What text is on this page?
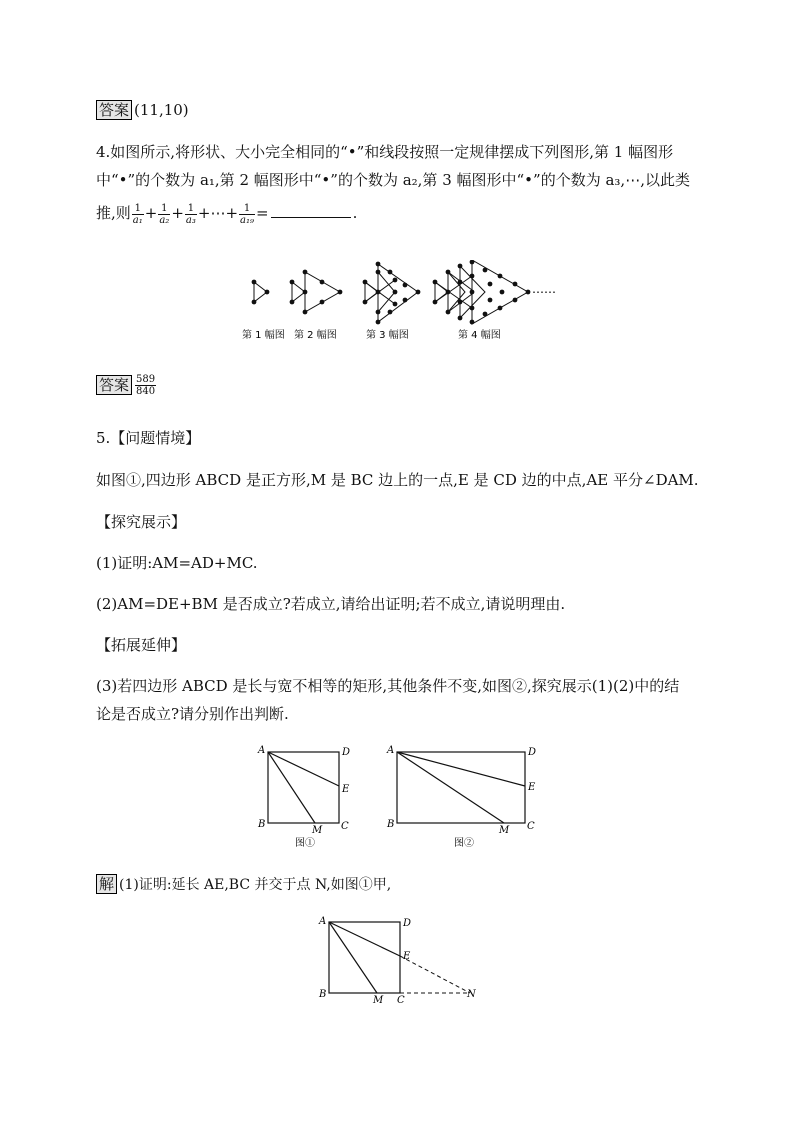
答案 (11,10)
4.如图所示,将形状、大小完全相同的“•”和线段按照一定规律摆成下列图形,第 1 幅图形
中“•”的个数为 a₁,第 2 幅图形中“•”的个数为 a₂,第 3 幅图形中“•”的个数为 a₃,⋯,以此类
推,则 $\frac{1}{\text{a₁}} + \frac{1}{\text{a₂}} + \frac{1}{\text{a₃}}$ +⋯+ $\frac{1}{\text{a₁₉}}$ =	.
⋯⋯
第 1 幅图 第 2 幅图	第 3 幅图	第 4 幅图
答案 $\frac{589}{840}$
5.【问题情境】
如图①,四边形 ABCD 是正方形,M 是 BC 边上的一点,E 是 CD 边的中点,AE 平分∠DAM.
【探究展示】
(1)证明:AM=AD+MC.
(2)AM=DE+BM 是否成立?若成立,请给出证明;若不成立,请说明理由.
【拓展延伸】
(3)若四边形 ABCD 是长与宽不相等的矩形,其他条件不变,如图②,探究展示(1)(2)中的结
论是否成立?请分别作出判断.
A	D
E
B	C
M
图①
A	D
E
B	C
M
图②
解 (1)证明:延长 AE,BC 并交于点 N,如图①甲,
A	D
E
B
C
M
N
